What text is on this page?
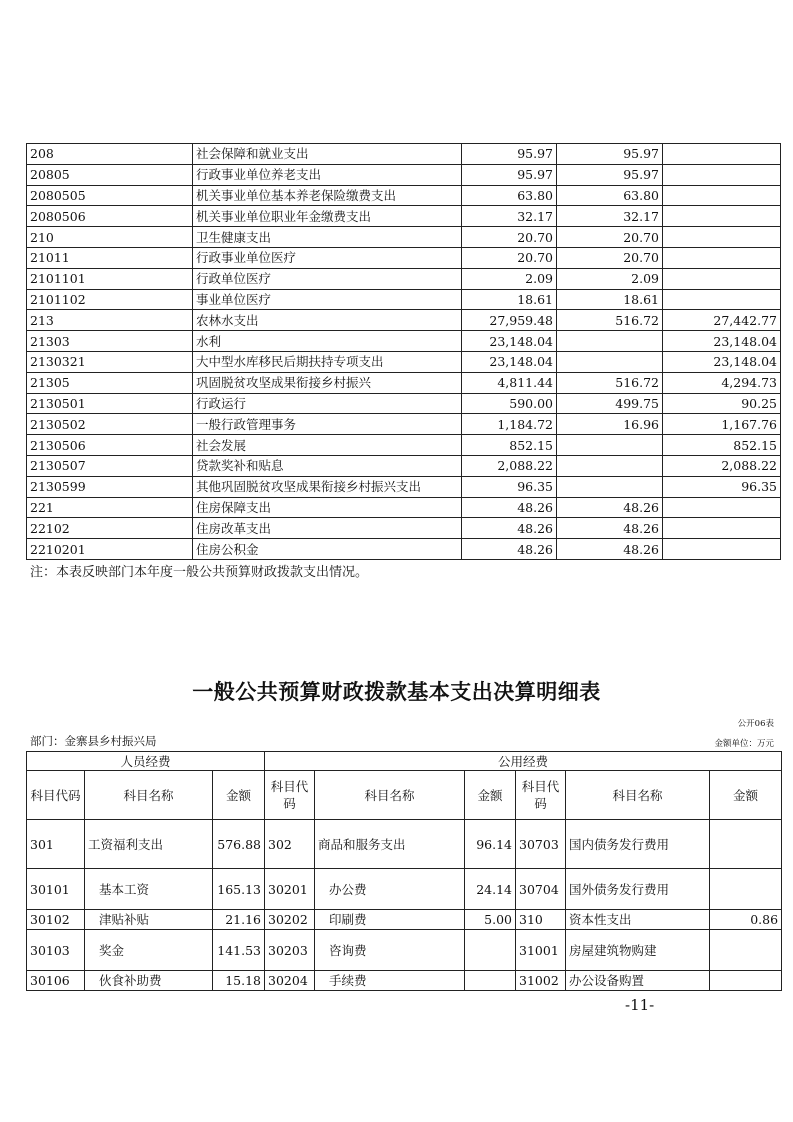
208	社会保障和就业支出	95.97	95.97	
20805	行政事业单位养老支出	95.97	95.97	
2080505	机关事业单位基本养老保险缴费支出	63.80	63.80	
2080506	机关事业单位职业年金缴费支出	32.17	32.17	
210	卫生健康支出	20.70	20.70	
21011	行政事业单位医疗	20.70	20.70	
2101101	行政单位医疗	2.09	2.09	
2101102	事业单位医疗	18.61	18.61	
213	农林水支出	27,959.48	516.72	27,442.77
21303	水利	23,148.04		23,148.04
2130321	大中型水库移民后期扶持专项支出	23,148.04		23,148.04
21305	巩固脱贫攻坚成果衔接乡村振兴	4,811.44	516.72	4,294.73
2130501	行政运行	590.00	499.75	90.25
2130502	一般行政管理事务	1,184.72	16.96	1,167.76
2130506	社会发展	852.15		852.15
2130507	贷款奖补和贴息	2,088.22		2,088.22
2130599	其他巩固脱贫攻坚成果衔接乡村振兴支出	96.35		96.35
221	住房保障支出	48.26	48.26	
22102	住房改革支出	48.26	48.26	
2210201	住房公积金	48.26	48.26	
注：本表反映部门本年度一般公共预算财政拨款支出情况。
一般公共预算财政拨款基本支出决算明细表
公开06表
部门：金寨县乡村振兴局	金额单位：万元
人员经费			公用经费					
科目代码	科目名称	金额	科目代码	科目名称	金额	科目代码	科目名称	金额
301	工资福利支出	576.88	302	商品和服务支出	96.14	30703	国内债务发行费用	
30101	基本工资	165.13	30201	办公费	24.14	30704	国外债务发行费用	
30102	津贴补贴	21.16	30202	印刷费	5.00	310	资本性支出	0.86
30103	奖金	141.53	30203	咨询费		31001	房屋建筑物购建	
30106	伙食补助费	15.18	30204	手续费		31002	办公设备购置	
-11-
